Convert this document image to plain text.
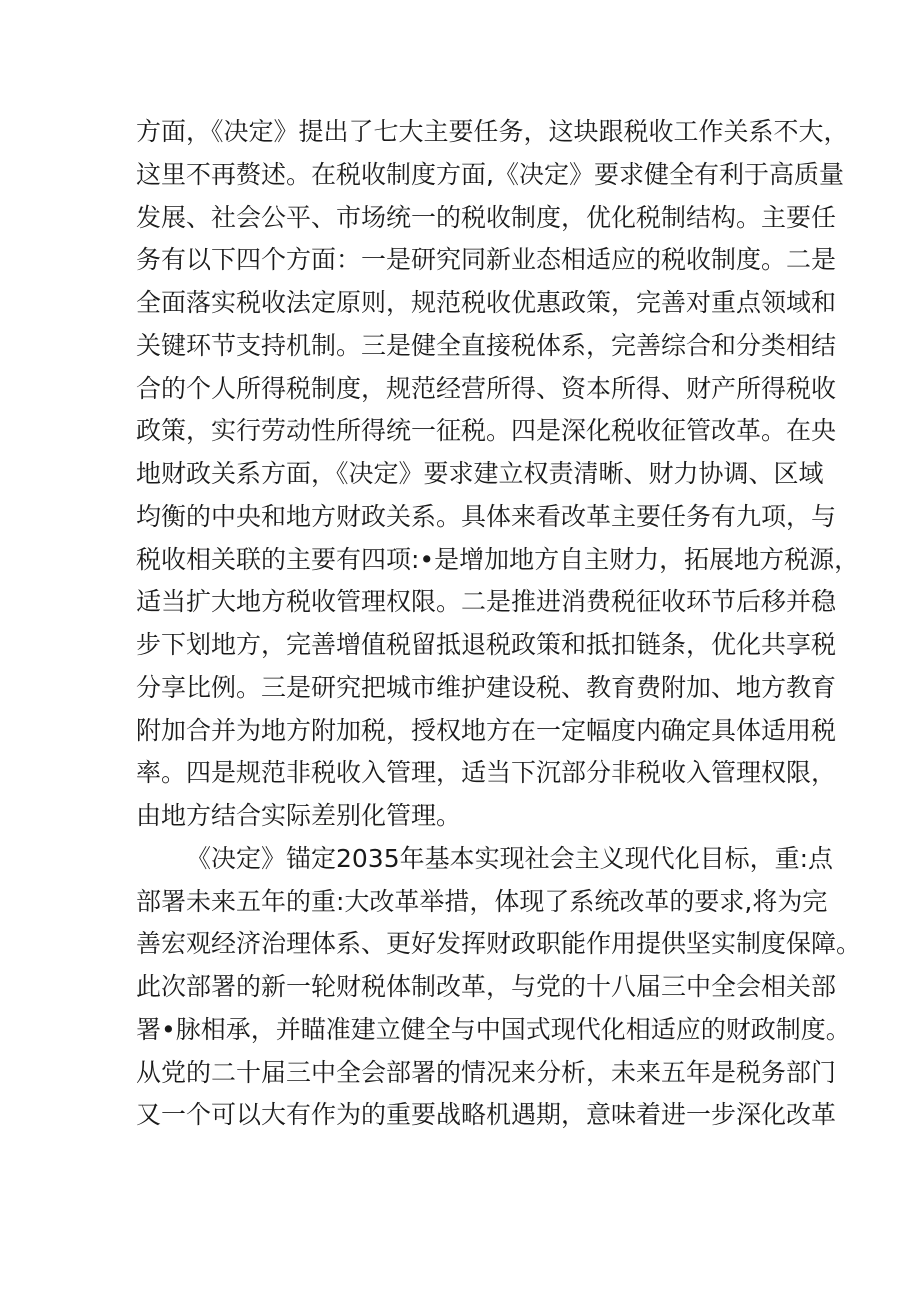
方面，《决定》提出了七大主要任务，这块跟税收工作关系不大，
这里不再赘述。在税收制度方面,《决定》要求健全有利于高质量
发展、社会公平、市场统一的税收制度，优化税制结构。主要任
务有以下四个方面：一是研究同新业态相适应的税收制度。二是
全面落实税收法定原则，规范税收优惠政策，完善对重点领域和
关键环节支持机制。三是健全直接税体系，完善综合和分类相结
合的个人所得税制度，规范经营所得、资本所得、财产所得税收
政策，实行劳动性所得统一征税。四是深化税收征管改革。在央
地财政关系方面，《决定》要求建立权责清晰、财力协调、区域
均衡的中央和地方财政关系。具体来看改革主要任务有九项，与
税收相关联的主要有四项:•是增加地方自主财力，拓展地方税源，
适当扩大地方税收管理权限。二是推进消费税征收环节后移并稳
步下划地方，完善增值税留抵退税政策和抵扣链条，优化共享税
分享比例。三是研究把城市维护建设税、教育费附加、地方教育
附加合并为地方附加税，授权地方在一定幅度内确定具体适用税
率。四是规范非税收入管理，适当下沉部分非税收入管理权限，
由地方结合实际差别化管理。
《决定》锚定2035年基本实现社会主义现代化目标，重:点
部署未来五年的重:大改革举措，体现了系统改革的要求,将为完
善宏观经济治理体系、更好发挥财政职能作用提供坚实制度保障。
此次部署的新一轮财税体制改革，与党的十八届三中全会相关部
署•脉相承，并瞄准建立健全与中国式现代化相适应的财政制度。
从党的二十届三中全会部署的情况来分析，未来五年是税务部门
又一个可以大有作为的重要战略机遇期，意味着进一步深化改革
